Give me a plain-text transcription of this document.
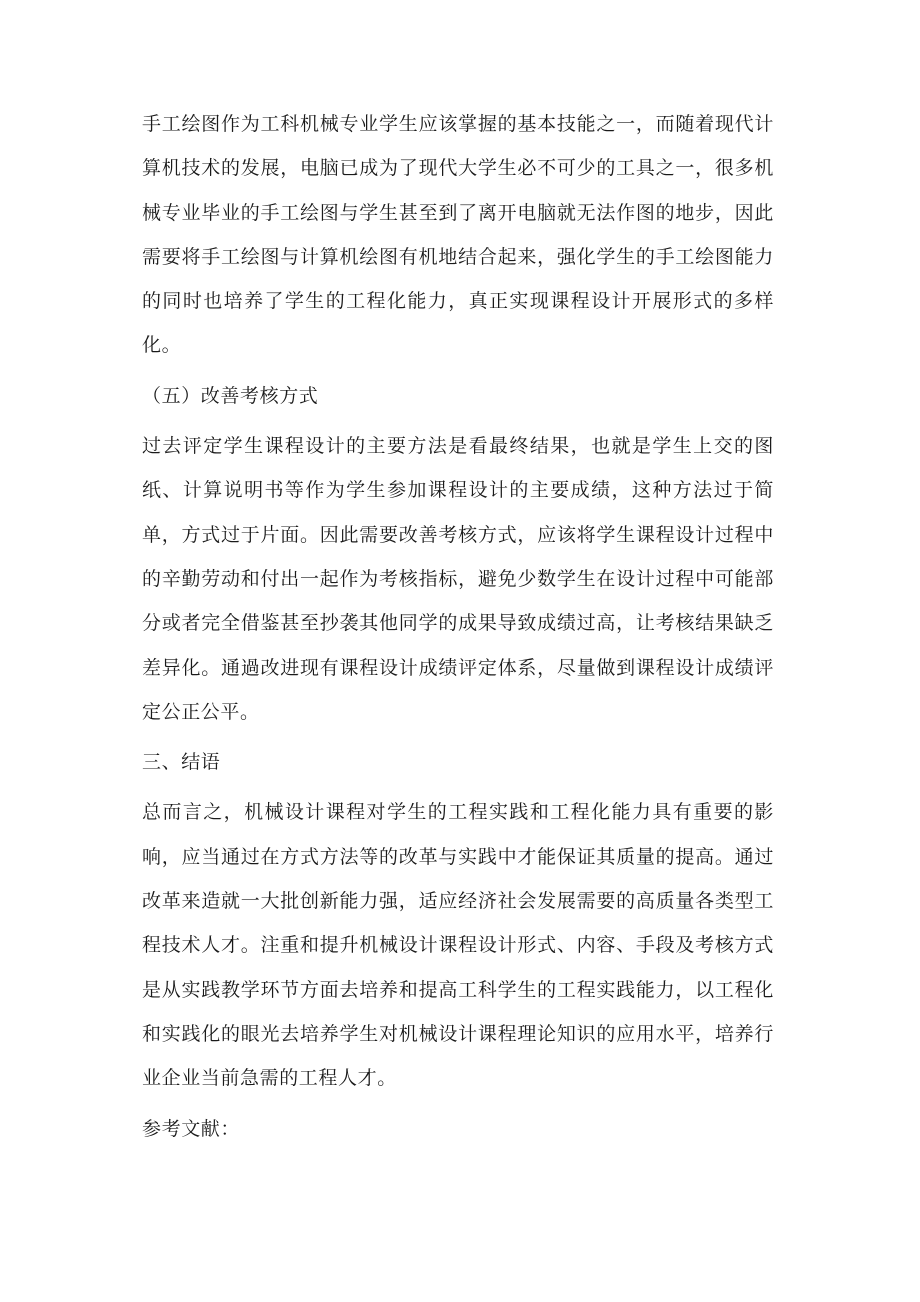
手工绘图作为工科机械专业学生应该掌握的基本技能之一，而随着现代计算机技术的发展，电脑已成为了现代大学生必不可少的工具之一，很多机械专业毕业的手工绘图与学生甚至到了离开电脑就无法作图的地步，因此需要将手工绘图与计算机绘图有机地结合起来，强化学生的手工绘图能力的同时也培养了学生的工程化能力，真正实现课程设计开展形式的多样化。

（五）改善考核方式

过去评定学生课程设计的主要方法是看最终结果，也就是学生上交的图纸、计算说明书等作为学生参加课程设计的主要成绩，这种方法过于简单，方式过于片面。因此需要改善考核方式，应该将学生课程设计过程中的辛勤劳动和付出一起作为考核指标，避免少数学生在设计过程中可能部分或者完全借鉴甚至抄袭其他同学的成果导致成绩过高，让考核结果缺乏差异化。通過改进现有课程设计成绩评定体系，尽量做到课程设计成绩评定公正公平。

三、结语

总而言之，机械设计课程对学生的工程实践和工程化能力具有重要的影响，应当通过在方式方法等的改革与实践中才能保证其质量的提高。通过改革来造就一大批创新能力强，适应经济社会发展需要的高质量各类型工程技术人才。注重和提升机械设计课程设计形式、内容、手段及考核方式是从实践教学环节方面去培养和提高工科学生的工程实践能力，以工程化和实践化的眼光去培养学生对机械设计课程理论知识的应用水平，培养行业企业当前急需的工程人才。

参考文献：
